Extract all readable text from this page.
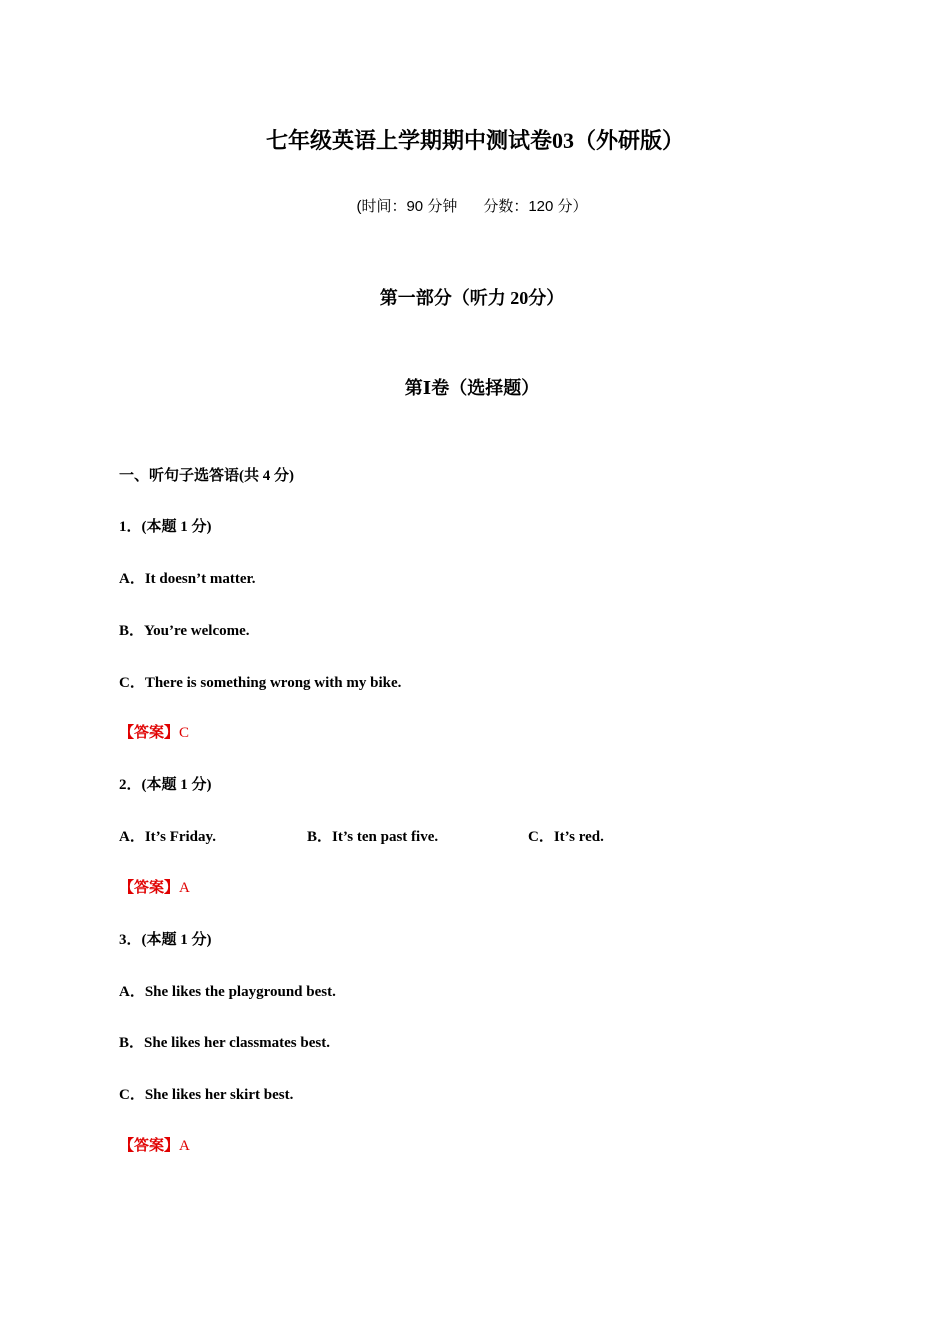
七年级英语上学期期中测试卷03（外研版）
(时间：90 分钟 分数：120 分）
第一部分（听力 20分）
第Ⅰ卷（选择题）
一、听句子选答语(共 4 分)
1．(本题 1 分)
A．It doesn’t matter.
B．You’re welcome.
C．There is something wrong with my bike.
【答案】C
2．(本题 1 分)
A．It’s Friday.	B．It’s ten past five.	C．It’s red.
【答案】A
3．(本题 1 分)
A．She likes the playground best.
B．She likes her classmates best.
C．She likes her skirt best.
【答案】A
